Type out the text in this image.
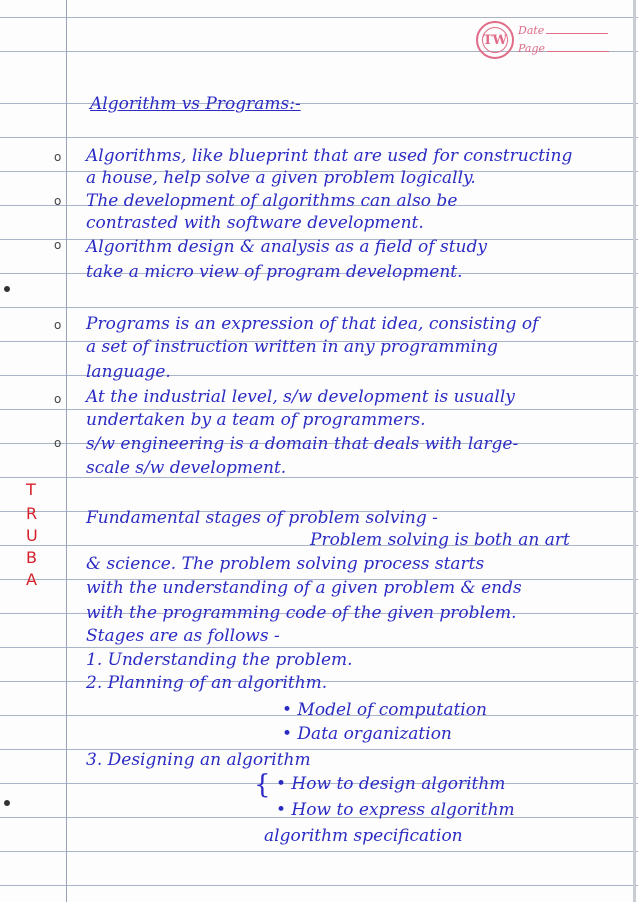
TW
Date
Page
Algorithm vs Programs:-
o
o
o
o
o
o
Algorithms, like blueprint that are used for constructing
a house, help solve a given problem logically.
The development of algorithms can also be
contrasted with software development.
Algorithm design & analysis as a field of study
take a micro view of program development.
Programs is an expression of that idea, consisting of
a set of instruction written in any programming
language.
At the industrial level, s/w development is usually
undertaken by a team of programmers.
s/w engineering is a domain that deals with large-
scale s/w development.
T
R
U
B
A
Fundamental stages of problem solving -
Problem solving is both an art
& science. The problem solving process starts
with the understanding of a given problem & ends
with the programming code of the given problem.
Stages are as follows -
1. Understanding the problem.
2. Planning of an algorithm.
• Model of computation
• Data organization
3. Designing an algorithm
{ • How to design algorithm
• How to express algorithm
algorithm specification
